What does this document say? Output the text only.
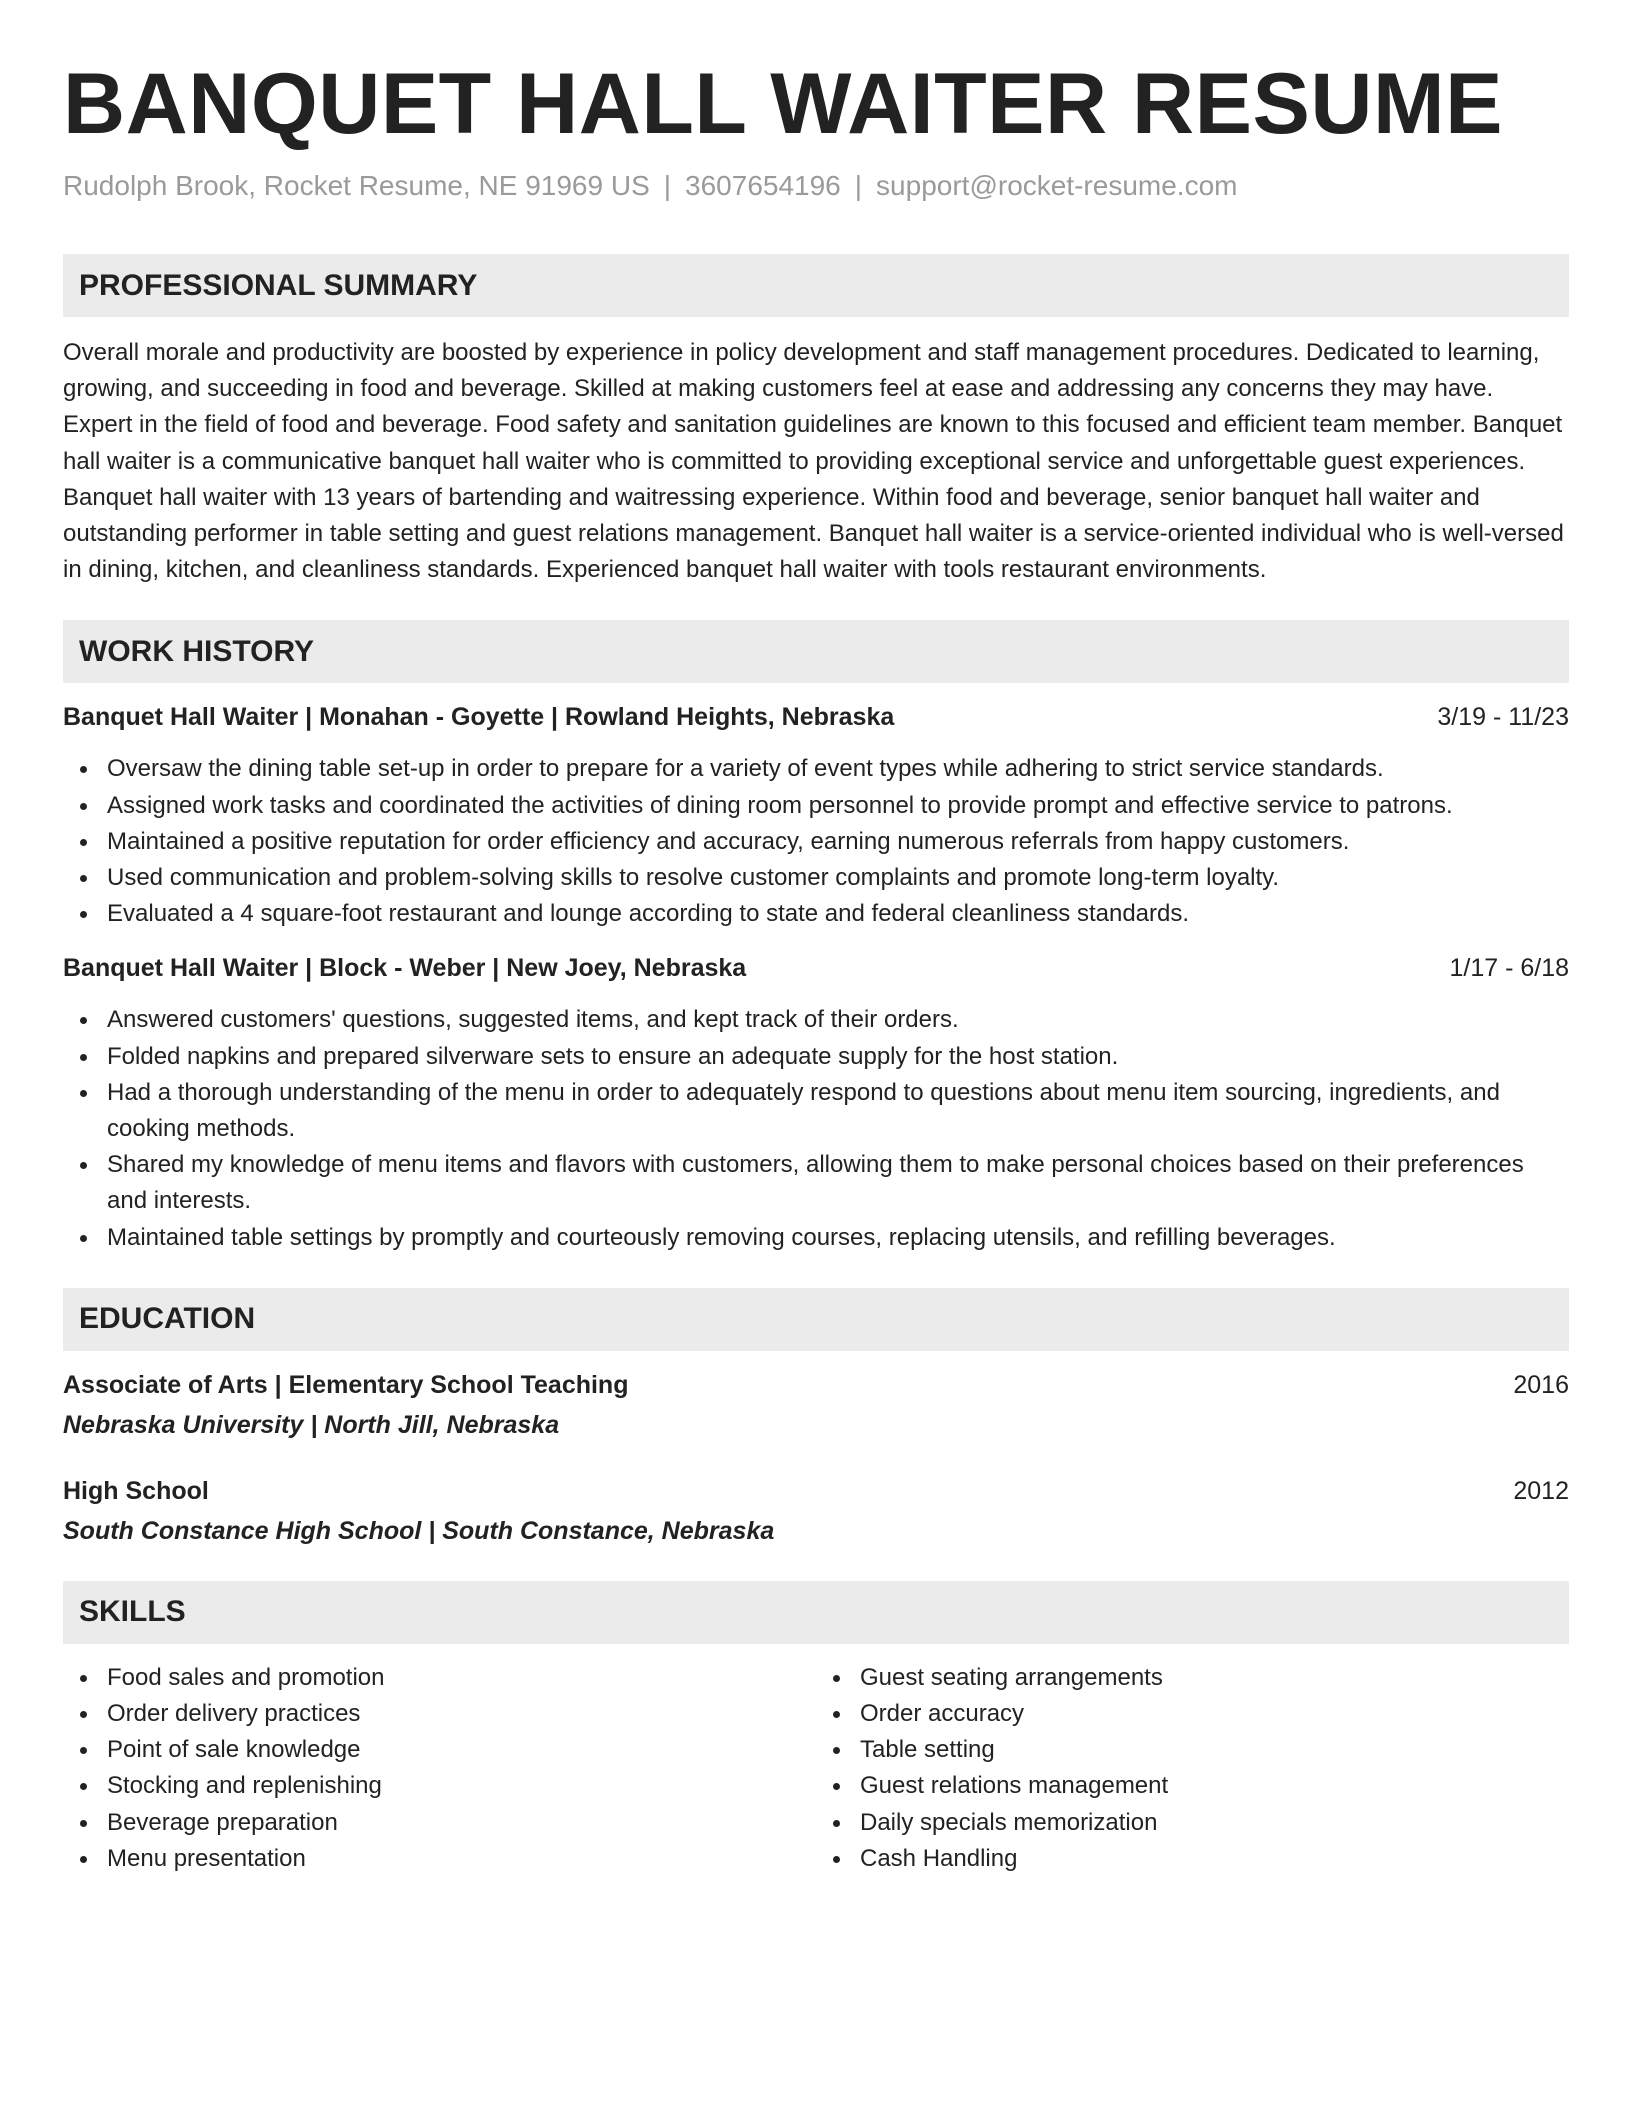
BANQUET HALL WAITER RESUME
Rudolph Brook, Rocket Resume, NE 91969 US | 3607654196 | support@rocket-resume.com
PROFESSIONAL SUMMARY

Overall morale and productivity are boosted by experience in policy development and staff management procedures. Dedicated to learning, growing, and succeeding in food and beverage. Skilled at making customers feel at ease and addressing any concerns they may have. Expert in the field of food and beverage. Food safety and sanitation guidelines are known to this focused and efficient team member. Banquet hall waiter is a communicative banquet hall waiter who is committed to providing exceptional service and unforgettable guest experiences. Banquet hall waiter with 13 years of bartending and waitressing experience. Within food and beverage, senior banquet hall waiter and outstanding performer in table setting and guest relations management. Banquet hall waiter is a service-oriented individual who is well-versed in dining, kitchen, and cleanliness standards. Experienced banquet hall waiter with tools restaurant environments.

WORK HISTORY
Banquet Hall Waiter | Monahan - Goyette | Rowland Heights, Nebraska	3/19 - 11/23
Oversaw the dining table set-up in order to prepare for a variety of event types while adhering to strict service standards.
Assigned work tasks and coordinated the activities of dining room personnel to provide prompt and effective service to patrons.
Maintained a positive reputation for order efficiency and accuracy, earning numerous referrals from happy customers.
Used communication and problem-solving skills to resolve customer complaints and promote long-term loyalty.
Evaluated a 4 square-foot restaurant and lounge according to state and federal cleanliness standards.
Banquet Hall Waiter | Block - Weber | New Joey, Nebraska	1/17 - 6/18
Answered customers' questions, suggested items, and kept track of their orders.
Folded napkins and prepared silverware sets to ensure an adequate supply for the host station.
Had a thorough understanding of the menu in order to adequately respond to questions about menu item sourcing, ingredients, and cooking methods.
Shared my knowledge of menu items and flavors with customers, allowing them to make personal choices based on their preferences and interests.
Maintained table settings by promptly and courteously removing courses, replacing utensils, and refilling beverages.
EDUCATION
Associate of Arts | Elementary School Teaching	2016
Nebraska University | North Jill, Nebraska
High School	2012
South Constance High School | South Constance, Nebraska
SKILLS
Food sales and promotion
Order delivery practices
Point of sale knowledge
Stocking and replenishing
Beverage preparation
Menu presentation
Guest seating arrangements
Order accuracy
Table setting
Guest relations management
Daily specials memorization
Cash Handling
